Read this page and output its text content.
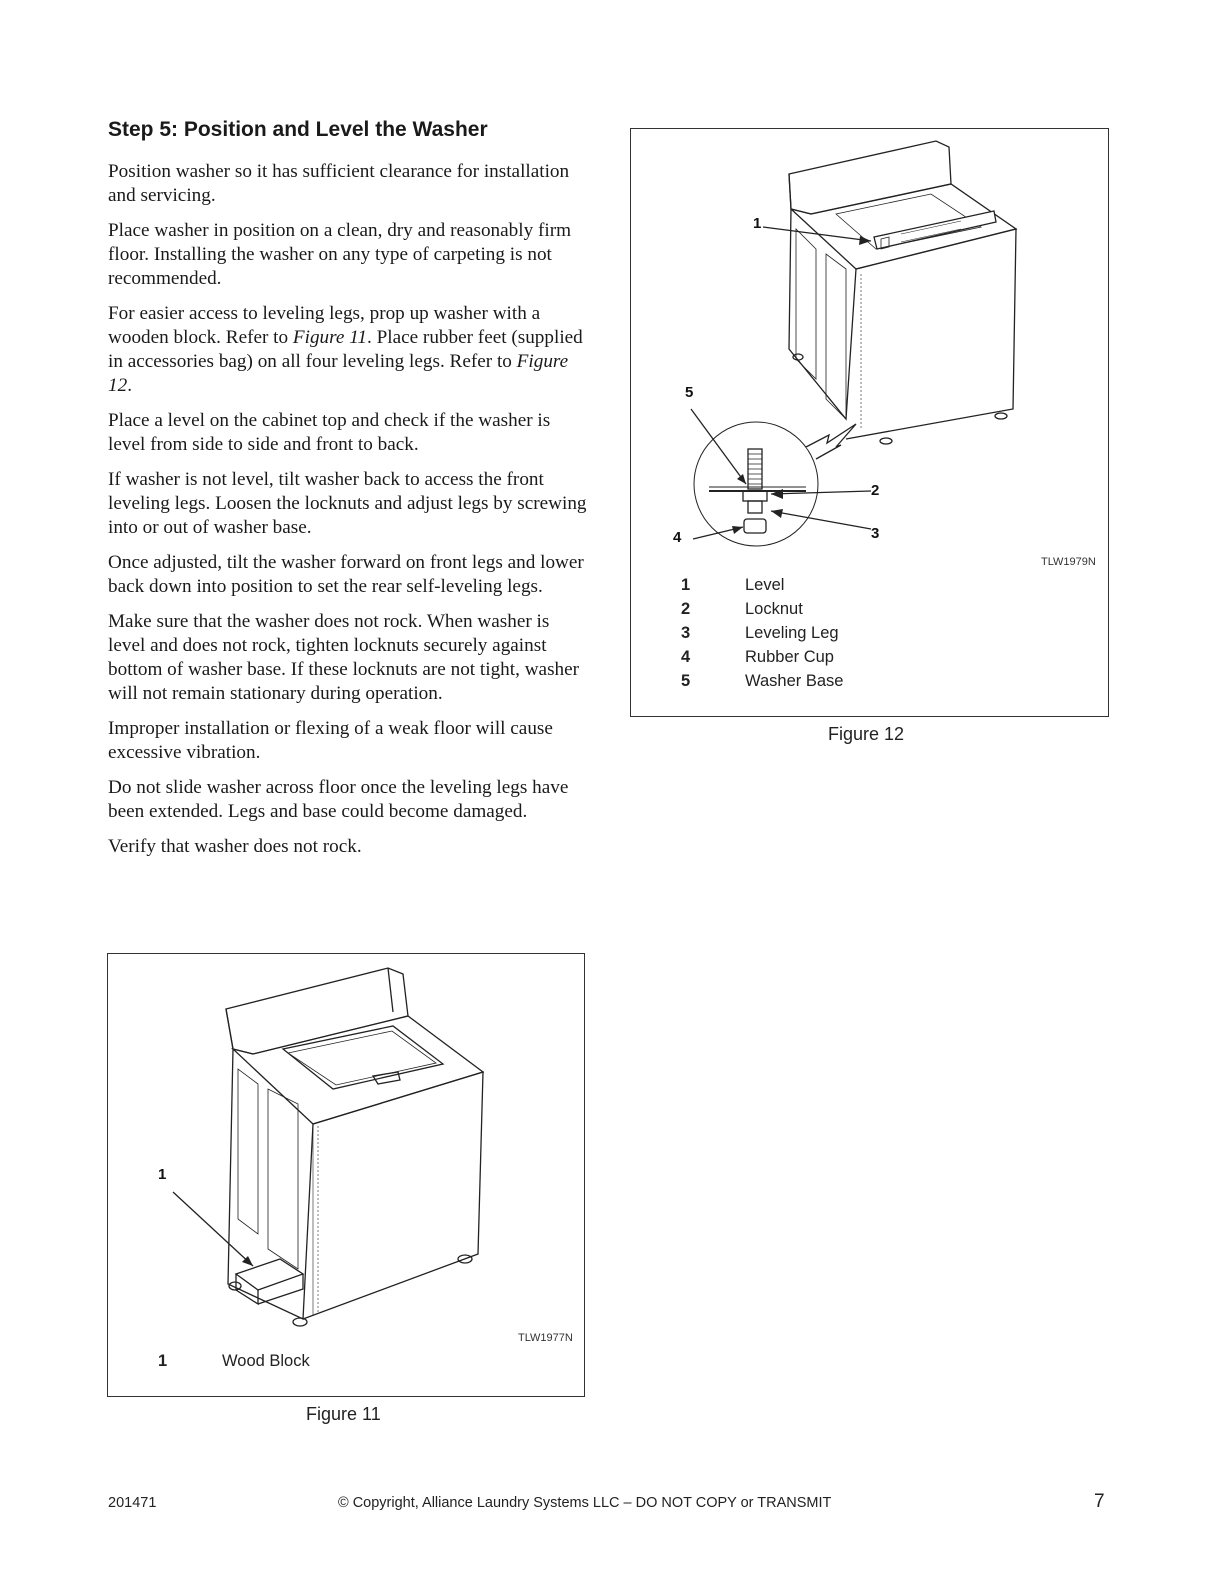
Step 5: Position and Level the Washer

Position washer so it has sufficient clearance for installation and servicing.

Place washer in position on a clean, dry and reasonably firm floor. Installing the washer on any type of carpeting is not recommended.

For easier access to leveling legs, prop up washer with a wooden block. Refer to Figure 11. Place rubber feet (supplied in accessories bag) on all four leveling legs. Refer to Figure 12.

Place a level on the cabinet top and check if the washer is level from side to side and front to back.

If washer is not level, tilt washer back to access the front leveling legs. Loosen the locknuts and adjust legs by screwing into or out of washer base.

Once adjusted, tilt the washer forward on front legs and lower back down into position to set the rear self-leveling legs.

Make sure that the washer does not rock. When washer is level and does not rock, tighten locknuts securely against bottom of washer base. If these locknuts are not tight, washer will not remain stationary during operation.

Improper installation or flexing of a weak floor will cause excessive vibration.

Do not slide washer across floor once the leveling legs have been extended. Legs and base could become damaged.

Verify that washer does not rock.

1
TLW1977N
1	Wood Block
Figure 11
1
2
3
4
5
TLW1979N
1	Level
2	Locknut
3	Leveling Leg
4	Rubber Cup
5	Washer Base
Figure 12
201471	© Copyright, Alliance Laundry Systems LLC – DO NOT COPY or TRANSMIT	7
